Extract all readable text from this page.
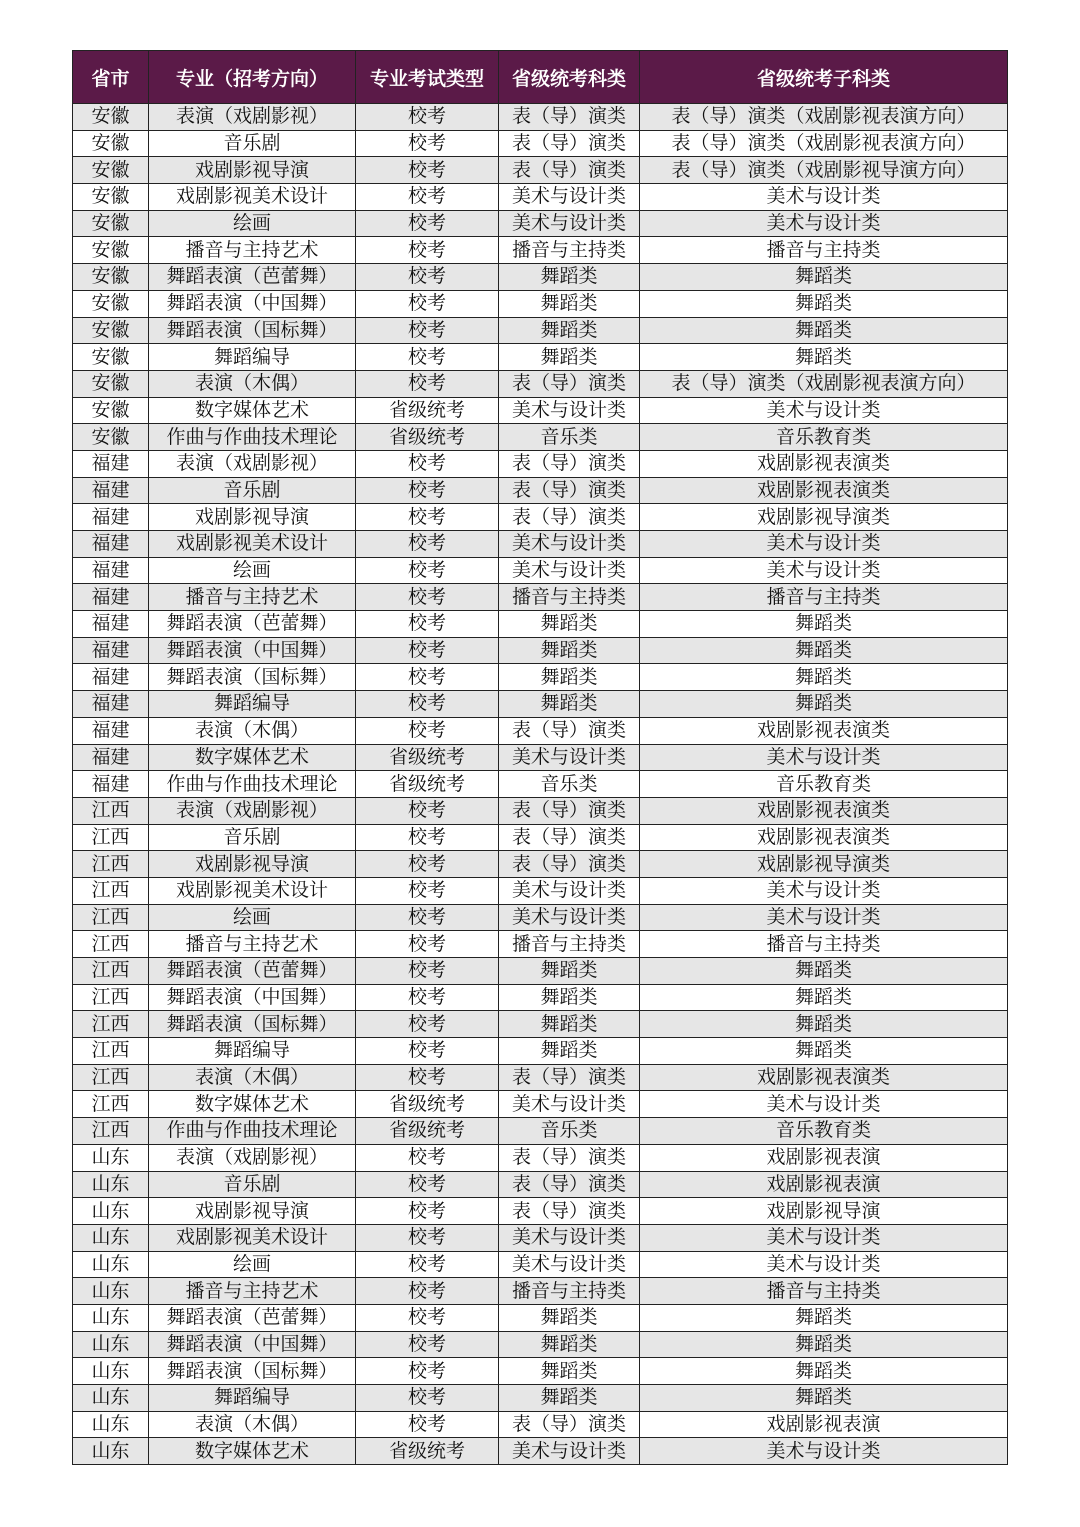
省市	专业（招考方向）	专业考试类型	省级统考科类	省级统考子科类
安徽	表演（戏剧影视）	校考	表（导）演类	表（导）演类（戏剧影视表演方向）
安徽	音乐剧	校考	表（导）演类	表（导）演类（戏剧影视表演方向）
安徽	戏剧影视导演	校考	表（导）演类	表（导）演类（戏剧影视导演方向）
安徽	戏剧影视美术设计	校考	美术与设计类	美术与设计类
安徽	绘画	校考	美术与设计类	美术与设计类
安徽	播音与主持艺术	校考	播音与主持类	播音与主持类
安徽	舞蹈表演（芭蕾舞）	校考	舞蹈类	舞蹈类
安徽	舞蹈表演（中国舞）	校考	舞蹈类	舞蹈类
安徽	舞蹈表演（国标舞）	校考	舞蹈类	舞蹈类
安徽	舞蹈编导	校考	舞蹈类	舞蹈类
安徽	表演（木偶）	校考	表（导）演类	表（导）演类（戏剧影视表演方向）
安徽	数字媒体艺术	省级统考	美术与设计类	美术与设计类
安徽	作曲与作曲技术理论	省级统考	音乐类	音乐教育类
福建	表演（戏剧影视）	校考	表（导）演类	戏剧影视表演类
福建	音乐剧	校考	表（导）演类	戏剧影视表演类
福建	戏剧影视导演	校考	表（导）演类	戏剧影视导演类
福建	戏剧影视美术设计	校考	美术与设计类	美术与设计类
福建	绘画	校考	美术与设计类	美术与设计类
福建	播音与主持艺术	校考	播音与主持类	播音与主持类
福建	舞蹈表演（芭蕾舞）	校考	舞蹈类	舞蹈类
福建	舞蹈表演（中国舞）	校考	舞蹈类	舞蹈类
福建	舞蹈表演（国标舞）	校考	舞蹈类	舞蹈类
福建	舞蹈编导	校考	舞蹈类	舞蹈类
福建	表演（木偶）	校考	表（导）演类	戏剧影视表演类
福建	数字媒体艺术	省级统考	美术与设计类	美术与设计类
福建	作曲与作曲技术理论	省级统考	音乐类	音乐教育类
江西	表演（戏剧影视）	校考	表（导）演类	戏剧影视表演类
江西	音乐剧	校考	表（导）演类	戏剧影视表演类
江西	戏剧影视导演	校考	表（导）演类	戏剧影视导演类
江西	戏剧影视美术设计	校考	美术与设计类	美术与设计类
江西	绘画	校考	美术与设计类	美术与设计类
江西	播音与主持艺术	校考	播音与主持类	播音与主持类
江西	舞蹈表演（芭蕾舞）	校考	舞蹈类	舞蹈类
江西	舞蹈表演（中国舞）	校考	舞蹈类	舞蹈类
江西	舞蹈表演（国标舞）	校考	舞蹈类	舞蹈类
江西	舞蹈编导	校考	舞蹈类	舞蹈类
江西	表演（木偶）	校考	表（导）演类	戏剧影视表演类
江西	数字媒体艺术	省级统考	美术与设计类	美术与设计类
江西	作曲与作曲技术理论	省级统考	音乐类	音乐教育类
山东	表演（戏剧影视）	校考	表（导）演类	戏剧影视表演
山东	音乐剧	校考	表（导）演类	戏剧影视表演
山东	戏剧影视导演	校考	表（导）演类	戏剧影视导演
山东	戏剧影视美术设计	校考	美术与设计类	美术与设计类
山东	绘画	校考	美术与设计类	美术与设计类
山东	播音与主持艺术	校考	播音与主持类	播音与主持类
山东	舞蹈表演（芭蕾舞）	校考	舞蹈类	舞蹈类
山东	舞蹈表演（中国舞）	校考	舞蹈类	舞蹈类
山东	舞蹈表演（国标舞）	校考	舞蹈类	舞蹈类
山东	舞蹈编导	校考	舞蹈类	舞蹈类
山东	表演（木偶）	校考	表（导）演类	戏剧影视表演
山东	数字媒体艺术	省级统考	美术与设计类	美术与设计类
